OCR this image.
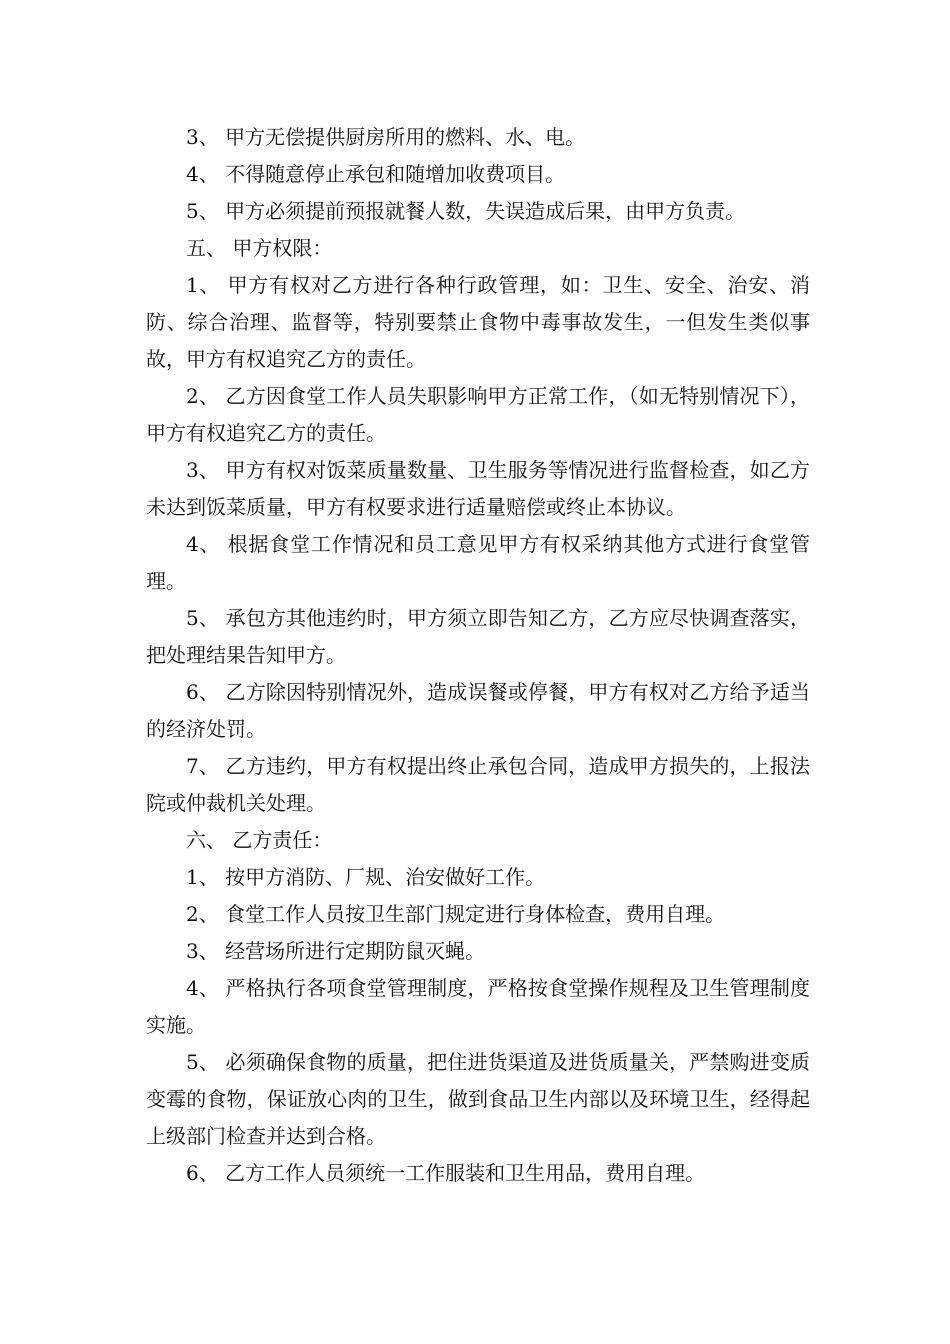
3、 甲方无偿提供厨房所用的燃料、水、电。

4、 不得随意停止承包和随增加收费项目。

5、 甲方必须提前预报就餐人数，失误造成后果，由甲方负责。

五、 甲方权限：

1、 甲方有权对乙方进行各种行政管理，如：卫生、安全、治安、消防、综合治理、监督等，特别要禁止食物中毒事故发生，一但发生类似事故，甲方有权追究乙方的责任。

2、 乙方因食堂工作人员失职影响甲方正常工作，（如无特别情况下），甲方有权追究乙方的责任。

3、 甲方有权对饭菜质量数量、卫生服务等情况进行监督检查，如乙方未达到饭菜质量，甲方有权要求进行适量赔偿或终止本协议。

4、 根据食堂工作情况和员工意见甲方有权采纳其他方式进行食堂管理。

5、 承包方其他违约时，甲方须立即告知乙方，乙方应尽快调查落实，把处理结果告知甲方。

6、 乙方除因特别情况外，造成误餐或停餐，甲方有权对乙方给予适当的经济处罚。

7、 乙方违约，甲方有权提出终止承包合同，造成甲方损失的，上报法院或仲裁机关处理。

六、 乙方责任：

1、 按甲方消防、厂规、治安做好工作。

2、 食堂工作人员按卫生部门规定进行身体检查，费用自理。

3、 经营场所进行定期防鼠灭蝇。

4、 严格执行各项食堂管理制度，严格按食堂操作规程及卫生管理制度实施。

5、 必须确保食物的质量，把住进货渠道及进货质量关，严禁购进变质变霉的食物，保证放心肉的卫生，做到食品卫生内部以及环境卫生，经得起上级部门检查并达到合格。

6、 乙方工作人员须统一工作服装和卫生用品，费用自理。
